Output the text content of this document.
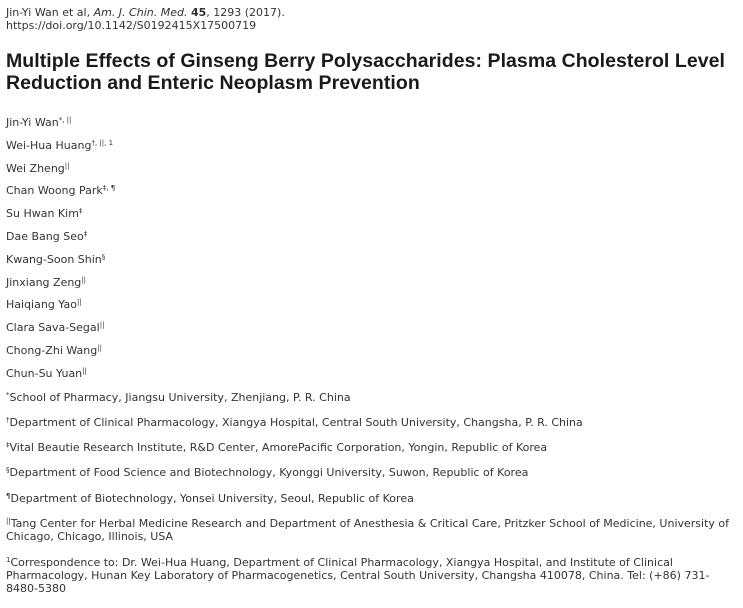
Jin-Yi Wan et al, Am. J. Chin. Med. 45, 1293 (2017).
https://doi.org/10.1142/S0192415X17500719
Multiple Effects of Ginseng Berry Polysaccharides: Plasma Cholesterol Level Reduction and Enteric Neoplasm Prevention
Jin-Yi Wan*, ||
Wei-Hua Huang$^{\dagger, ||, 1}$
Wei Zheng||
Chan Woong Park‡, ¶
Su Hwan Kim‡
Dae Bang Seo‡
Kwang-Soon Shin§
Jinxiang Zeng||
Haiqiang Yao||
Clara Sava-Segal||
Chong-Zhi Wang||
Chun-Su Yuan||
*School of Pharmacy, Jiangsu University, Zhenjiang, P. R. China
†Department of Clinical Pharmacology, Xiangya Hospital, Central South University, Changsha, P. R. China
‡Vital Beautie Research Institute, R&D Center, AmorePacific Corporation, Yongin, Republic of Korea
§Department of Food Science and Biotechnology, Kyonggi University, Suwon, Republic of Korea
¶Department of Biotechnology, Yonsei University, Seoul, Republic of Korea
||Tang Center for Herbal Medicine Research and Department of Anesthesia & Critical Care, Pritzker School of Medicine, University of Chicago, Chicago, Illinois, USA
$^1$Correspondence to: Dr. Wei-Hua Huang, Department of Clinical Pharmacology, Xiangya Hospital, and Institute of Clinical Pharmacology, Hunan Key Laboratory of Pharmacogenetics, Central South University, Changsha 410078, China. Tel: (+86) 731-8480-5380
